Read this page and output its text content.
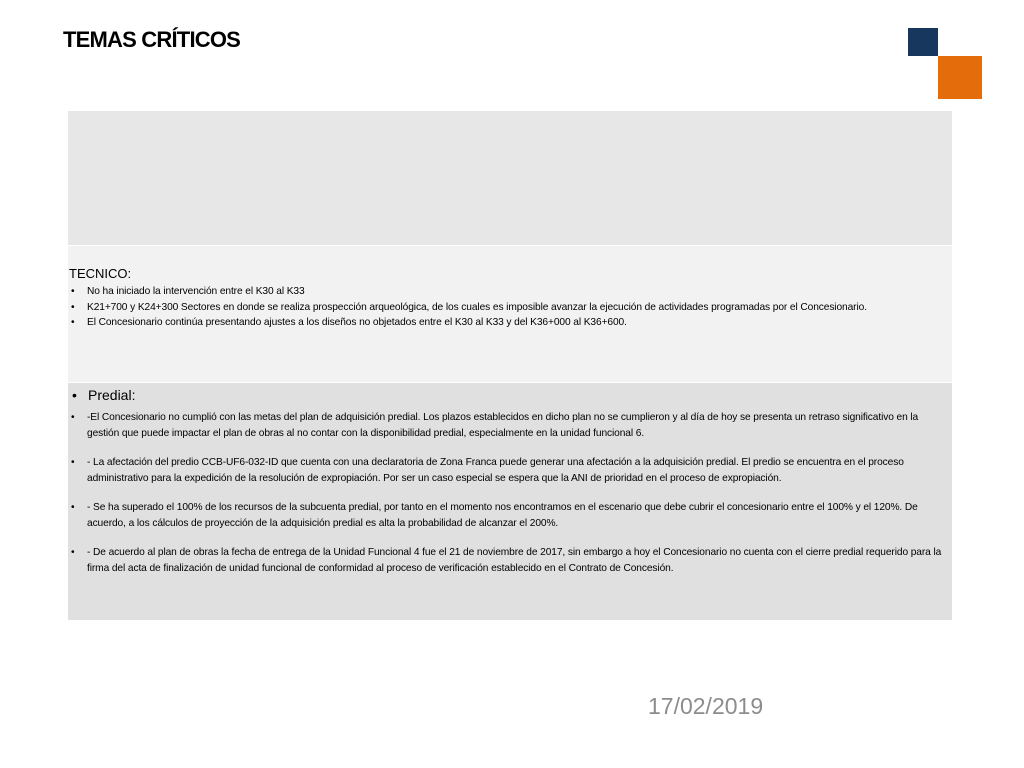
TEMAS CRÍTICOS
TECNICO:
• No ha iniciado la intervención entre el K30 al K33
• K21+700 y K24+300 Sectores en donde se realiza prospección arqueológica, de los cuales es imposible avanzar la ejecución de actividades programadas por el Concesionario.
• El Concesionario continúa presentando ajustes a los diseños no objetados entre el K30 al K33 y del K36+000 al K36+600.
• Predial:
• -El Concesionario no cumplió con las metas del plan de adquisición predial. Los plazos establecidos en dicho plan no se cumplieron y al día de hoy se presenta un retraso significativo en la gestión que puede impactar el plan de obras al no contar con la disponibilidad predial, especialmente en la unidad funcional 6.
• - La afectación del predio CCB-UF6-032-ID que cuenta con una declaratoria de Zona Franca puede generar una afectación a la adquisición predial. El predio se encuentra en el proceso administrativo para la expedición de la resolución de expropiación. Por ser un caso especial se espera que la ANI de prioridad en el proceso de expropiación.
• - Se ha superado el 100% de los recursos de la subcuenta predial, por tanto en el momento nos encontramos en el escenario que debe cubrir el concesionario entre el 100% y el 120%. De acuerdo, a los cálculos de proyección de la adquisición predial es alta la probabilidad de alcanzar el 200%.
• - De acuerdo al plan de obras la fecha de entrega de la Unidad Funcional 4 fue el 21 de noviembre de 2017, sin embargo a hoy el Concesionario no cuenta con el cierre predial requerido para la firma del acta de finalización de unidad funcional de conformidad al proceso de verificación establecido en el Contrato de Concesión.
17/02/2019
